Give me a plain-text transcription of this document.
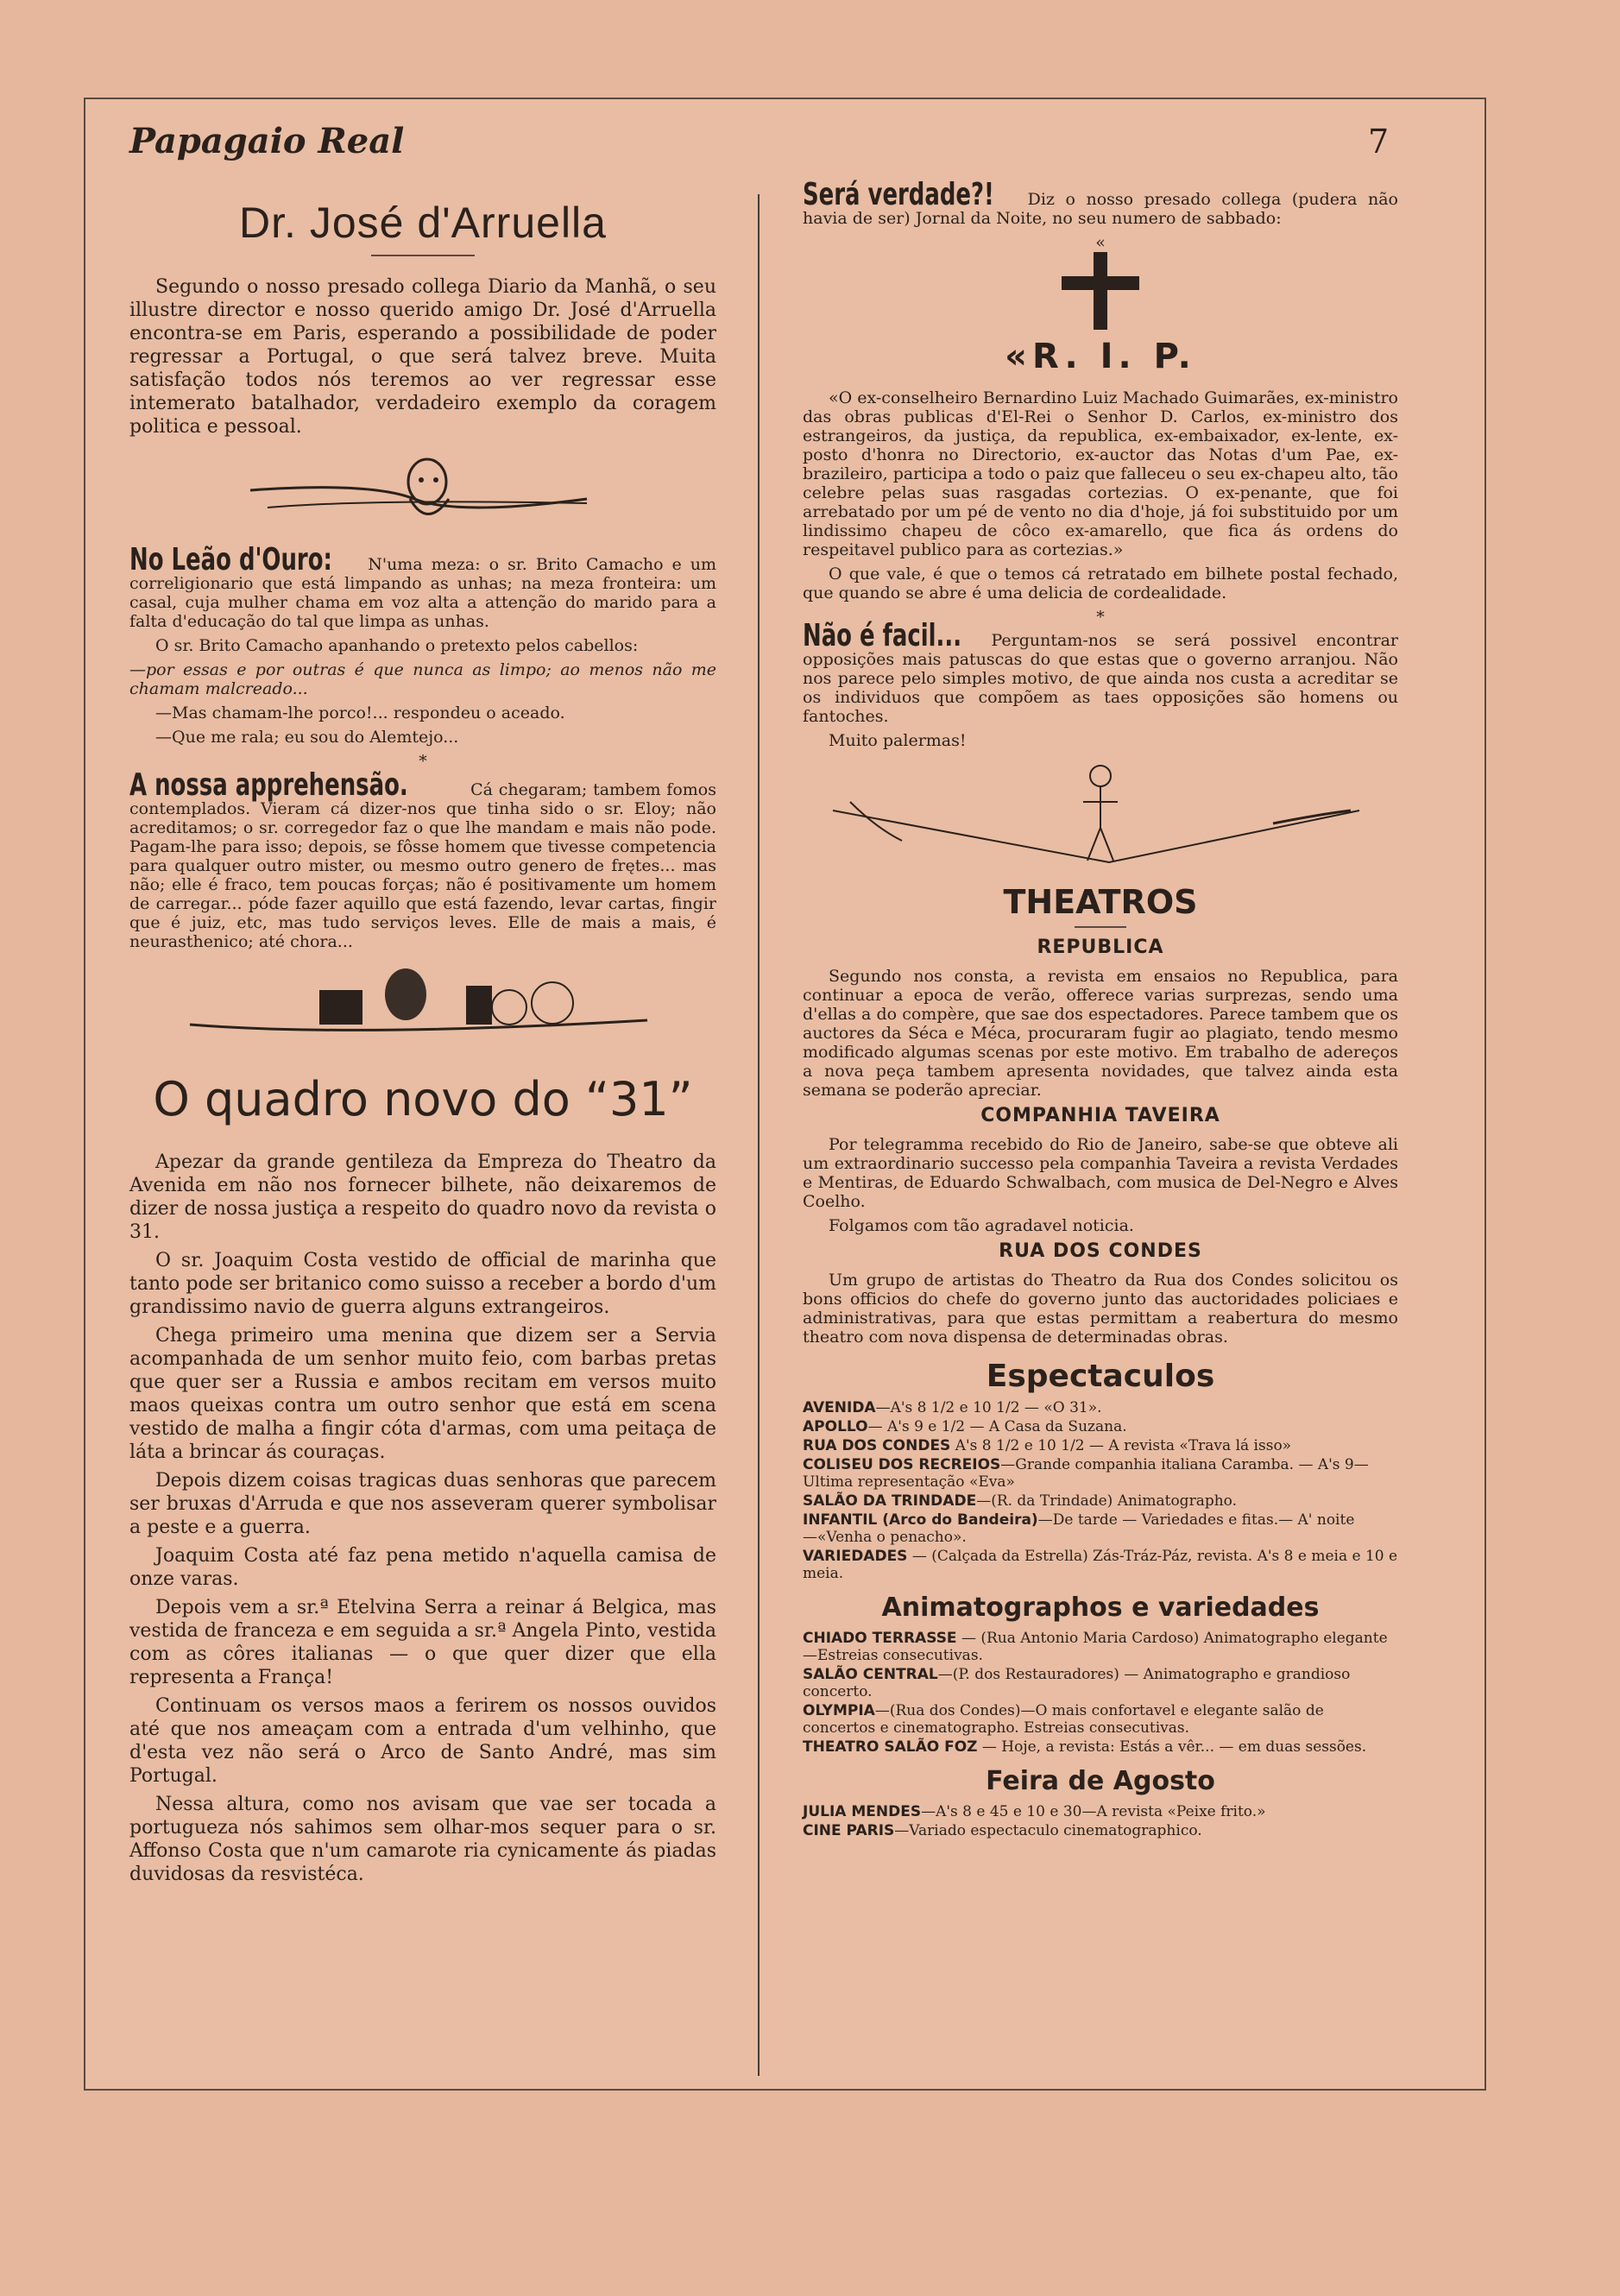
Papagaio Real	7
Dr. José d'Arruella

Segundo o nosso presado collega Diario da Manhã, o seu illustre director e nosso querido amigo Dr. José d'Arruella encontra-se em Paris, esperando a possibilidade de poder regressar a Portugal, o que será talvez breve. Muita satisfação todos nós teremos ao ver regressar esse intemerato batalhador, verdadeiro exemplo da coragem politica e pessoal.

No Leão d'Ouro: N'uma meza: o sr. Brito Camacho e um correligionario que está limpando as unhas; na meza fronteira: um casal, cuja mulher chama em voz alta a attenção do marido para a falta d'educação do tal que limpa as unhas.

O sr. Brito Camacho apanhando o pretexto pelos cabellos:

—por essas e por outras é que nunca as limpo; ao menos não me chamam malcreado...

—Mas chamam-lhe porco!... respondeu o aceado.

—Que me rala; eu sou do Alemtejo...

*

A nossa apprehensão.	Cá chegaram; tambem fomos contemplados. Vieram cá dizer-nos que tinha sido o sr. Eloy; não acreditamos; o sr. corregedor faz o que lhe mandam e mais não pode. Pagam-lhe para isso; depois, se fôsse homem que tivesse competencia para qualquer outro mister, ou mesmo outro genero de frętes... mas não; elle é fraco, tem poucas forças; não é positivamente um homem de carregar... póde fazer aquillo que está fazendo, levar cartas, fingir que é juiz, etc, mas tudo serviços leves. Elle de mais a mais, é neurasthenico; até chora...

O quadro novo do “31”

Apezar da grande gentileza da Empreza do Theatro da Avenida em não nos fornecer bilhete, não deixaremos de dizer de nossa justiça a respeito do quadro novo da revista o 31.

O sr. Joaquim Costa vestido de official de marinha que tanto pode ser britanico como suisso a receber a bordo d'um grandissimo navio de guerra alguns extrangeiros.

Chega primeiro uma menina que dizem ser a Servia acompanhada de um senhor muito feio, com barbas pretas que quer ser a Russia e ambos recitam em versos muito maos queixas contra um outro senhor que está em scena vestido de malha a fingir cóta d'armas, com uma peitaça de láta a brincar ás couraças.

Depois dizem coisas tragicas duas senhoras que parecem ser bruxas d'Arruda e que nos asseveram querer symbolisar a peste e a guerra.

Joaquim Costa até faz pena metido n'aquella camisa de onze varas.

Depois vem a sr.ª Etelvina Serra a reinar á Belgica, mas vestida de franceza e em seguida a sr.ª Angela Pinto, vestida com as côres italianas — o que quer dizer que ella representa a França!

Continuam os versos maos a ferirem os nossos ouvidos até que nos ameaçam com a entrada d'um velhinho, que d'esta vez não será o Arco de Santo André, mas sim Portugal.

Nessa altura, como nos avisam que vae ser tocada a portugueza nós sahimos sem olhar-mos sequer para o sr. Affonso Costa que n'um camarote ria cynicamente ás piadas duvidosas da resvistéca.

Será verdade?! Diz o nosso presado collega (pudera não havia de ser) Jornal da Noite, no seu numero de sabbado:

«

«R. I. P.

«O ex-conselheiro Bernardino Luiz Machado Guimarães, ex-ministro das obras publicas d'El-Rei o Senhor D. Carlos, ex-ministro dos estrangeiros, da justiça, da republica, ex-embaixador, ex-lente, ex-posto d'honra no Directorio, ex-auctor das Notas d'um Pae, ex-brazileiro, participa a todo o paiz que falleceu o seu ex-chapeu alto, tão celebre pelas suas rasgadas cortezias. O ex-penante, que foi arrebatado por um pé de vento no dia d'hoje, já foi substituido por um lindissimo chapeu de côco ex-amarello, que fica ás ordens do respeitavel publico para as cortezias.»

O que vale, é que o temos cá retratado em bilhete postal fechado, que quando se abre é uma delicia de cordealidade.

*

Não é facil... Perguntam-nos se será possivel encontrar opposições mais patuscas do que estas que o governo arranjou. Não nos parece pelo simples motivo, de que ainda nos custa a acreditar se os individuos que compõem as taes opposições são homens ou fantoches.

Muito palermas!

THEATROS
REPUBLICA

Segundo nos consta, a revista em ensaios no Republica, para continuar a epoca de verão, offerece varias surprezas, sendo uma d'ellas a do compère, que sae dos espectadores. Parece tambem que os auctores da Séca e Méca, procuraram fugir ao plagiato, tendo mesmo modificado algumas scenas por este motivo. Em trabalho de adereços a nova peça tambem apresenta novidades, que talvez ainda esta semana se poderão apreciar.

COMPANHIA TAVEIRA

Por telegramma recebido do Rio de Janeiro, sabe-se que obteve ali um extraordinario successo pela companhia Taveira a revista Verdades e Mentiras, de Eduardo Schwalbach, com musica de Del-Negro e Alves Coelho.

Folgamos com tão agradavel noticia.

RUA DOS CONDES

Um grupo de artistas do Theatro da Rua dos Condes solicitou os bons officios do chefe do governo junto das auctoridades policiaes e administrativas, para que estas permittam a reabertura do mesmo theatro com nova dispensa de determinadas obras.

Espectaculos

AVENIDA—A's 8 1/2 e 10 1/2 — «O 31».

APOLLO— A's 9 e 1/2 — A Casa da Suzana.

RUA DOS CONDES A's 8 1/2 e 10 1/2 — A revista «Trava lá isso»

COLISEU DOS RECREIOS—Grande companhia italiana Caramba. — A's 9—Ultima representação «Eva»

SALÃO DA TRINDADE—(R. da Trindade) Animatographo.

INFANTIL (Arco do Bandeira)—De tarde — Variedades e fitas.— A' noite—«Venha o penacho».

VARIEDADES — (Calçada da Estrella) Zás-Tráz-Páz, revista. A's 8 e meia e 10 e meia.

Animatographos e variedades

CHIADO TERRASSE — (Rua Antonio Maria Cardoso) Animatographo elegante—Estreias consecutivas.

SALÃO CENTRAL—(P. dos Restauradores) — Animatographo e grandioso concerto.

OLYMPIA—(Rua dos Condes)—O mais confortavel e elegante salão de concertos e cinematographo. Estreias consecutivas.

THEATRO SALÃO FOZ — Hoje, a revista: Estás a vêr... — em duas sessões.

Feira de Agosto

JULIA MENDES—A's 8 e 45 e 10 e 30—A revista «Peixe frito.»

CINE PARIS—Variado espectaculo cinematographico.
